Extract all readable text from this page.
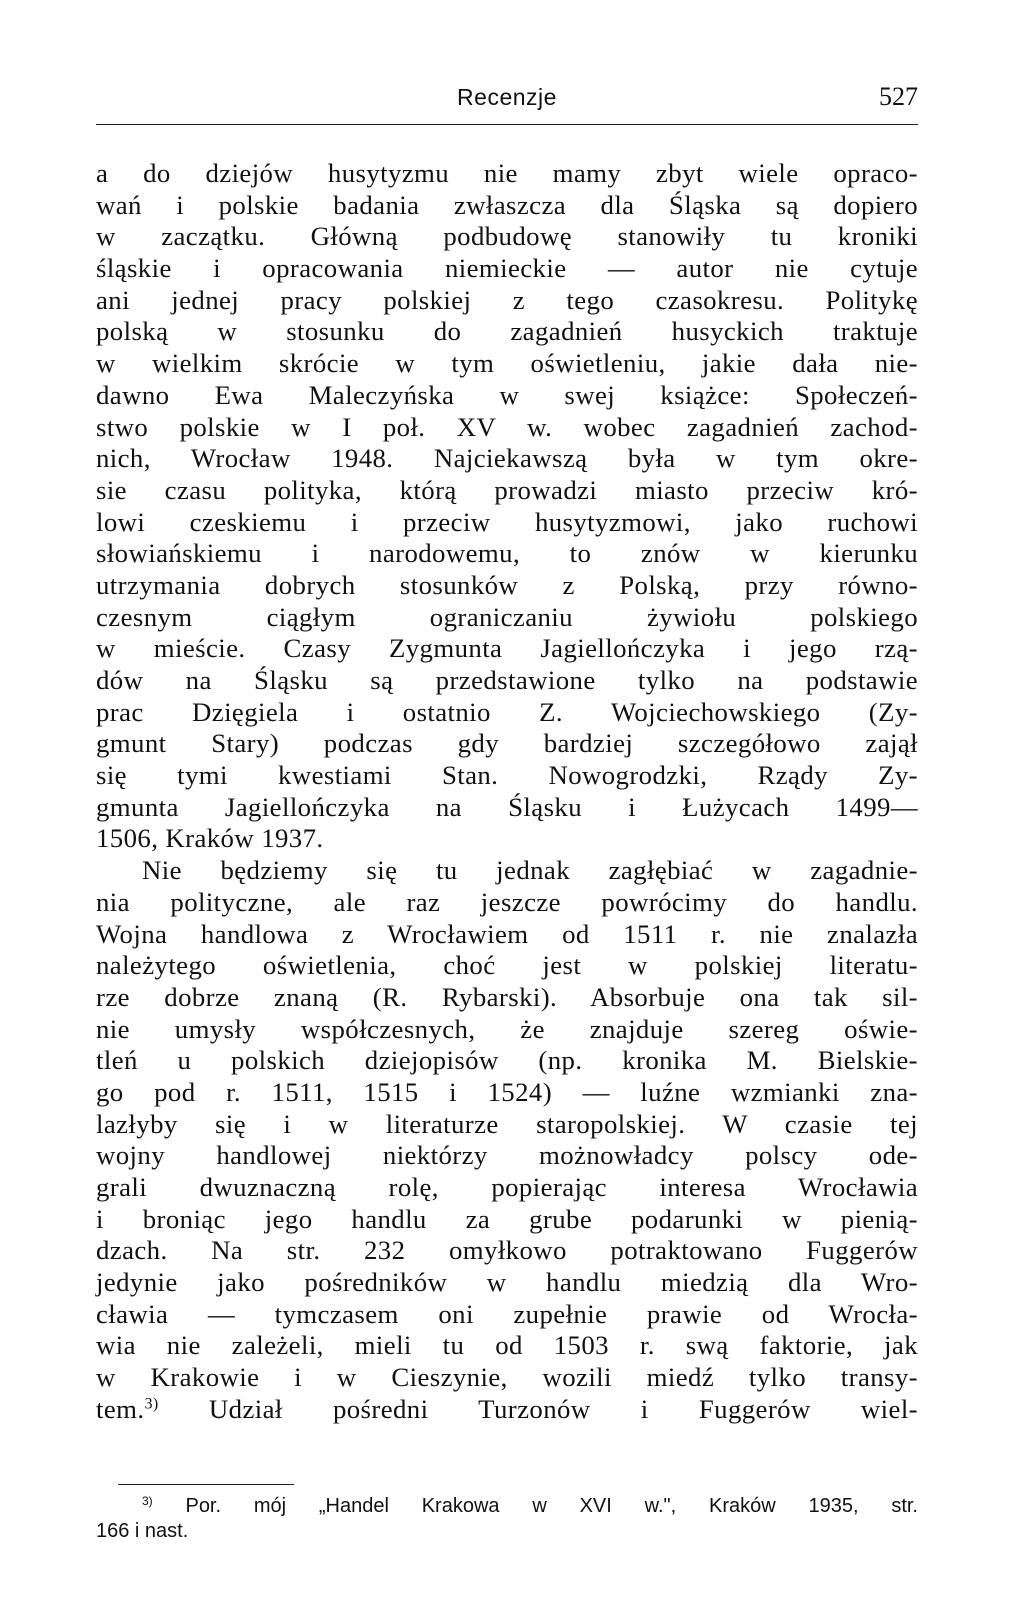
Recenzje	527
a do dziejów husytyzmu nie mamy zbyt wiele opraco-
wań i polskie badania zwłaszcza dla Śląska są dopiero
w zaczątku. Główną podbudowę stanowiły tu kroniki
śląskie i opracowania niemieckie — autor nie cytuje
ani jednej pracy polskiej z tego czasokresu. Politykę
polską w stosunku do zagadnień husyckich traktuje
w wielkim skrócie w tym oświetleniu, jakie dała nie-
dawno Ewa Maleczyńska w swej książce: Społeczeń-
stwo polskie w I poł. XV w. wobec zagadnień zachod-
nich, Wrocław 1948. Najciekawszą była w tym okre-
sie czasu polityka, którą prowadzi miasto przeciw kró-
lowi czeskiemu i przeciw husytyzmowi, jako ruchowi
słowiańskiemu i narodowemu, to znów w kierunku
utrzymania dobrych stosunków z Polską, przy równo-
czesnym ciągłym ograniczaniu żywiołu polskiego
w mieście. Czasy Zygmunta Jagiellończyka i jego rzą-
dów na Śląsku są przedstawione tylko na podstawie
prac Dzięgiela i ostatnio Z. Wojciechowskiego (Zy-
gmunt Stary) podczas gdy bardziej szczegółowo zajął
się tymi kwestiami Stan. Nowogrodzki, Rządy Zy-
gmunta Jagiellończyka na Śląsku i Łużycach 1499—
1506, Kraków 1937.
Nie będziemy się tu jednak zagłębiać w zagadnie-
nia polityczne, ale raz jeszcze powrócimy do handlu.
Wojna handlowa z Wrocławiem od 1511 r. nie znalazła
należytego oświetlenia, choć jest w polskiej literatu-
rze dobrze znaną (R. Rybarski). Absorbuje ona tak sil-
nie umysły współczesnych, że znajduje szereg oświe-
tleń u polskich dziejopisów (np. kronika M. Bielskie-
go pod r. 1511, 1515 i 1524) — luźne wzmianki zna-
lazłyby się i w literaturze staropolskiej. W czasie tej
wojny handlowej niektórzy możnowładcy polscy ode-
grali dwuznaczną rolę, popierając interesa Wrocławia
i broniąc jego handlu za grube podarunki w pienią-
dzach. Na str. 232 omyłkowo potraktowano Fuggerów
jedynie jako pośredników w handlu miedzią dla Wro-
cławia — tymczasem oni zupełnie prawie od Wrocła-
wia nie zależeli, mieli tu od 1503 r. swą faktorie, jak
w Krakowie i w Cieszynie, wozili miedź tylko transy-
tem.$^{3)}$ Udział pośredni Turzonów i Fuggerów wiel-
$^{3)}$ Por. mój „Handel Krakowa w XVI w.", Kraków 1935, str.
166 i nast.
